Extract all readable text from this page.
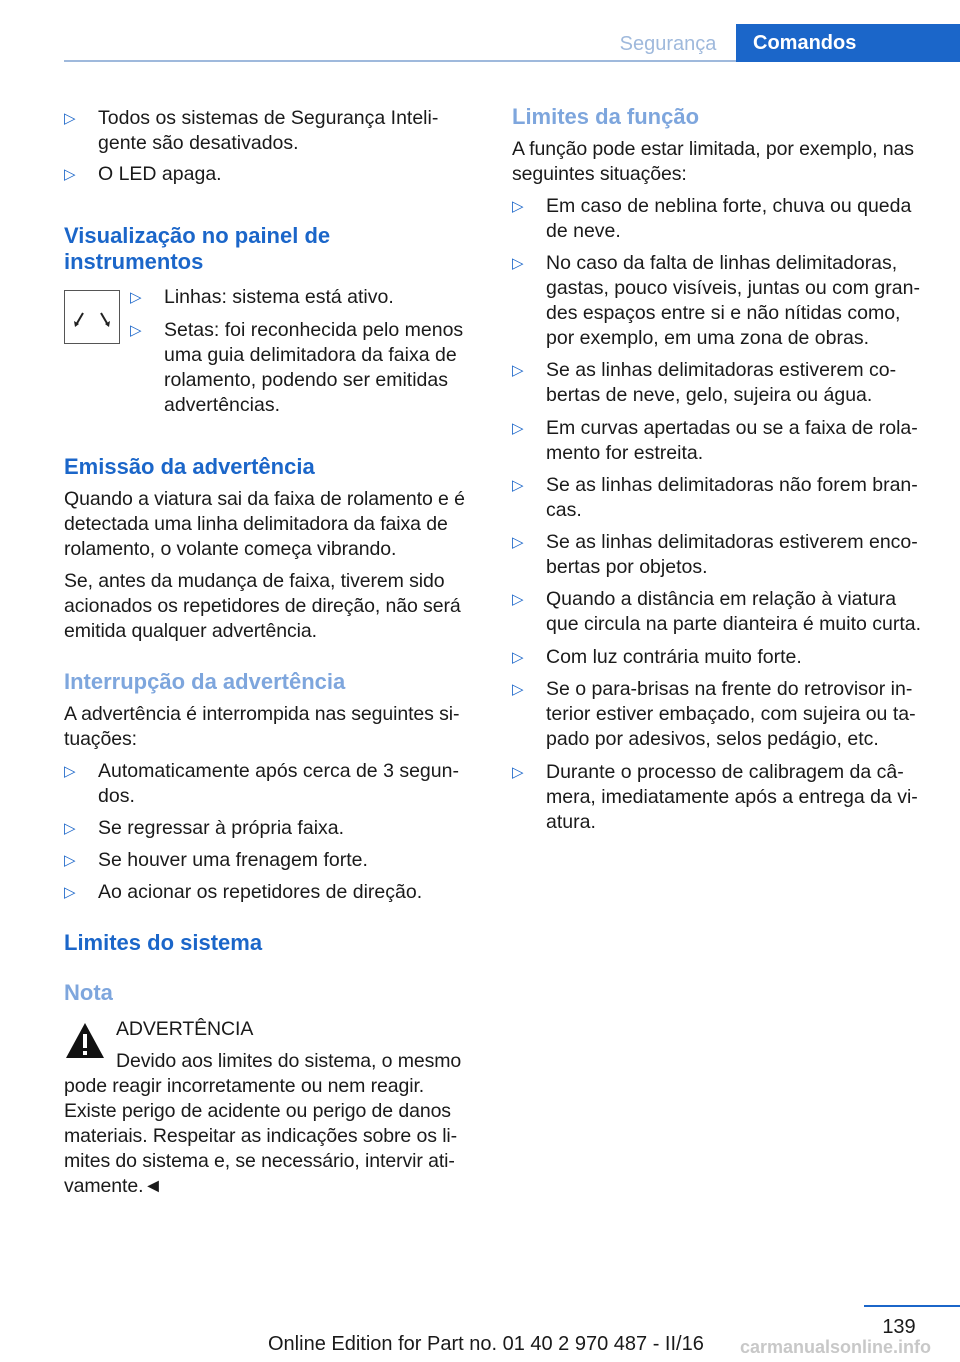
Segurança	Comandos
▷	Todos os sistemas de Segurança Inteli-
gente são desativados.
▷	O LED apaga.
Visualização no painel de
instrumentos
▷	Linhas: sistema está ativo.
▷	Setas: foi reconhecida pelo menos
uma guia delimitadora da faixa de
rolamento, podendo ser emitidas
advertências.
Emissão da advertência
Quando a viatura sai da faixa de rolamento e é
detectada uma linha delimitadora da faixa de
rolamento, o volante começa vibrando.
Se, antes da mudança de faixa, tiverem sido
acionados os repetidores de direção, não será
emitida qualquer advertência.
Interrupção da advertência
A advertência é interrompida nas seguintes si-
tuações:
▷	Automaticamente após cerca de 3 segun-
dos.
▷	Se regressar à própria faixa.
▷	Se houver uma frenagem forte.
▷	Ao acionar os repetidores de direção.
Limites do sistema
Nota
ADVERTÊNCIA
Devido aos limites do sistema, o mesmo
pode reagir incorretamente ou nem reagir.
Existe perigo de acidente ou perigo de danos
materiais. Respeitar as indicações sobre os li-
mites do sistema e, se necessário, intervir ati-
vamente.◄
Limites da função
A função pode estar limitada, por exemplo, nas
seguintes situações:
▷	Em caso de neblina forte, chuva ou queda
de neve.
▷	No caso da falta de linhas delimitadoras,
gastas, pouco visíveis, juntas ou com gran-
des espaços entre si e não nítidas como,
por exemplo, em uma zona de obras.
▷	Se as linhas delimitadoras estiverem co-
bertas de neve, gelo, sujeira ou água.
▷	Em curvas apertadas ou se a faixa de rola-
mento for estreita.
▷	Se as linhas delimitadoras não forem bran-
cas.
▷	Se as linhas delimitadoras estiverem enco-
bertas por objetos.
▷	Quando a distância em relação à viatura
que circula na parte dianteira é muito curta.
▷	Com luz contrária muito forte.
▷	Se o para-brisas na frente do retrovisor in-
terior estiver embaçado, com sujeira ou ta-
pado por adesivos, selos pedágio, etc.
▷	Durante o processo de calibragem da câ-
mera, imediatamente após a entrega da vi-
atura.
139
Online Edition for Part no. 01 40 2 970 487 - II/16	carmanualsonline.info
